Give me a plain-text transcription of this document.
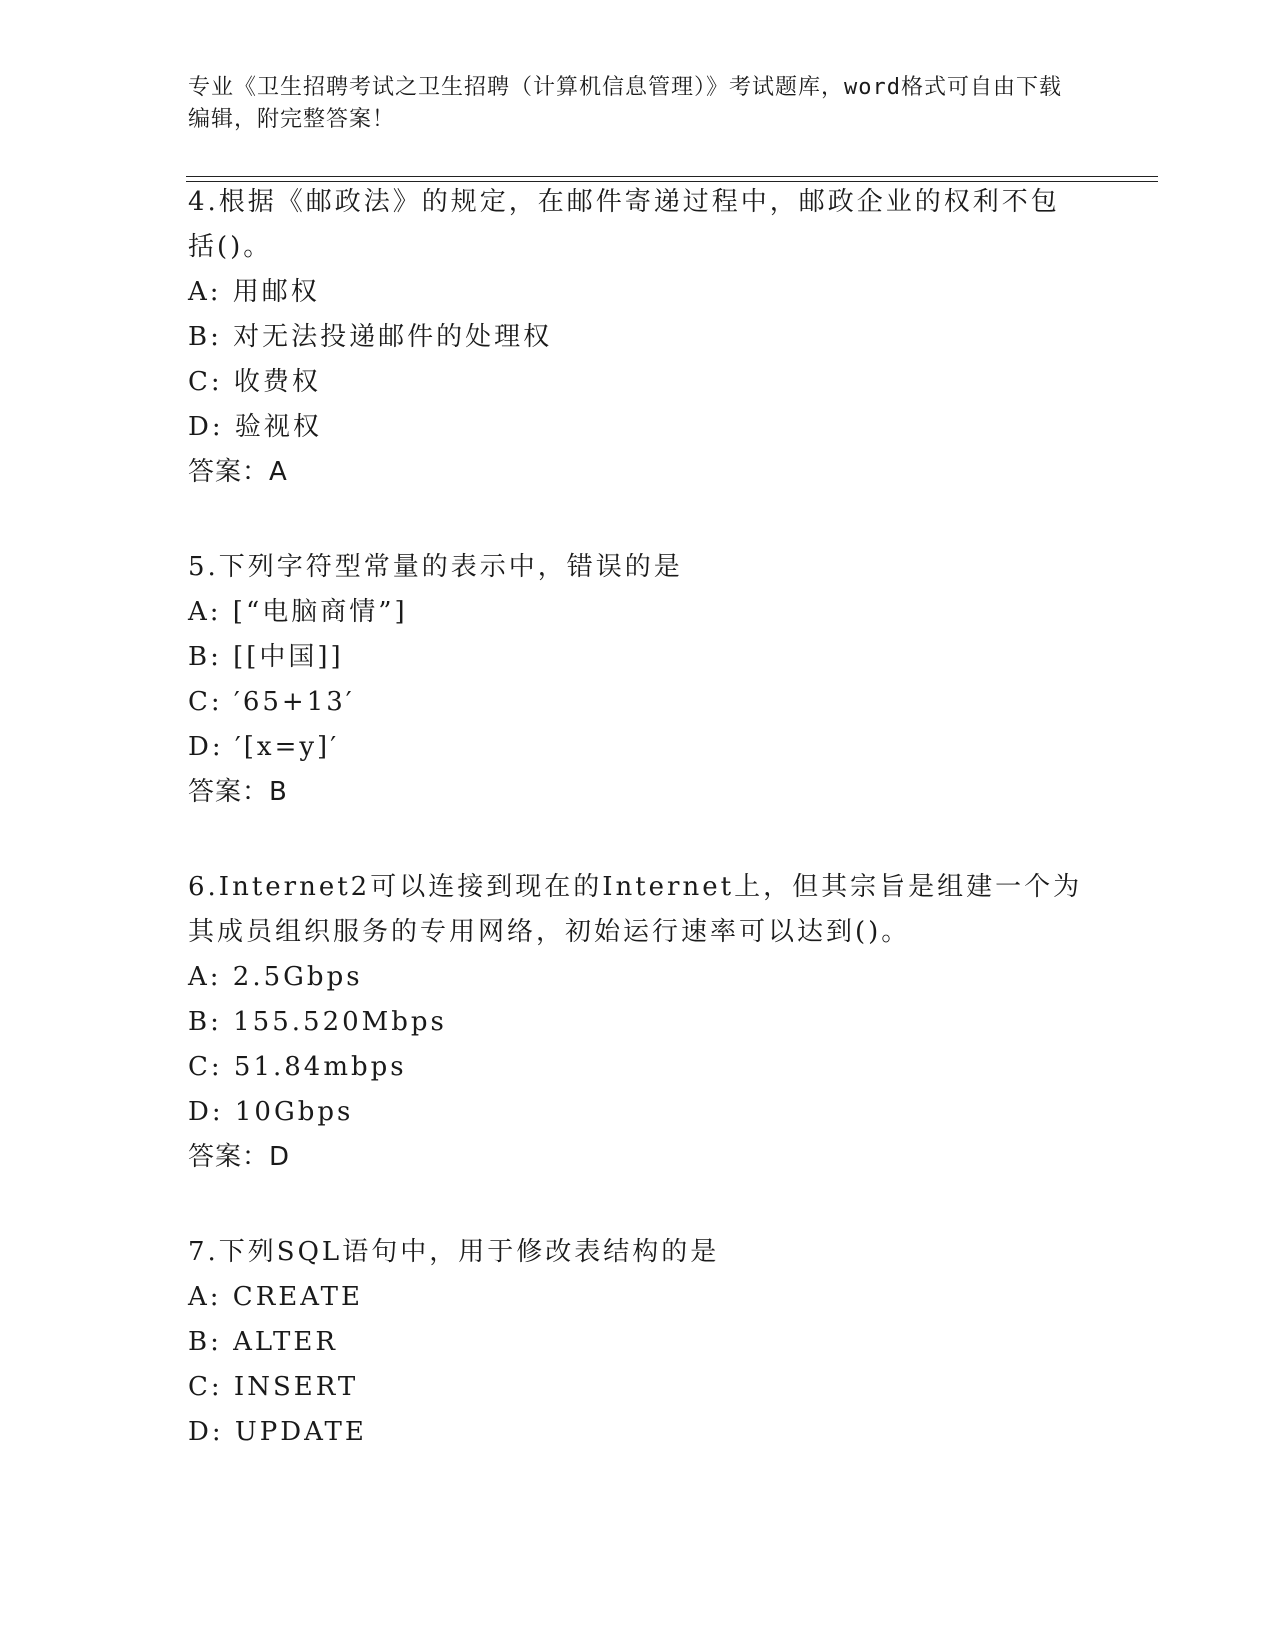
专业《卫生招聘考试之卫生招聘（计算机信息管理）》考试题库，word格式可自由下载编辑，附完整答案！

4.根据《邮政法》的规定，在邮件寄递过程中，邮政企业的权利不包括()。

A: 用邮权
B: 对无法投递邮件的处理权
C: 收费权
D: 验视权
答案：A

5.下列字符型常量的表示中，错误的是

A: [“电脑商情”]
B: [[中国]]
C: ′65+13′
D: ′[x=y]′
答案：B

6.Internet2可以连接到现在的Internet上，但其宗旨是组建一个为其成员组织服务的专用网络，初始运行速率可以达到()。

A: 2.5Gbps
B: 155.520Mbps
C: 51.84mbps
D: 10Gbps
答案：D

7.下列SQL语句中，用于修改表结构的是

A: CREATE
B: ALTER
C: INSERT
D: UPDATE
